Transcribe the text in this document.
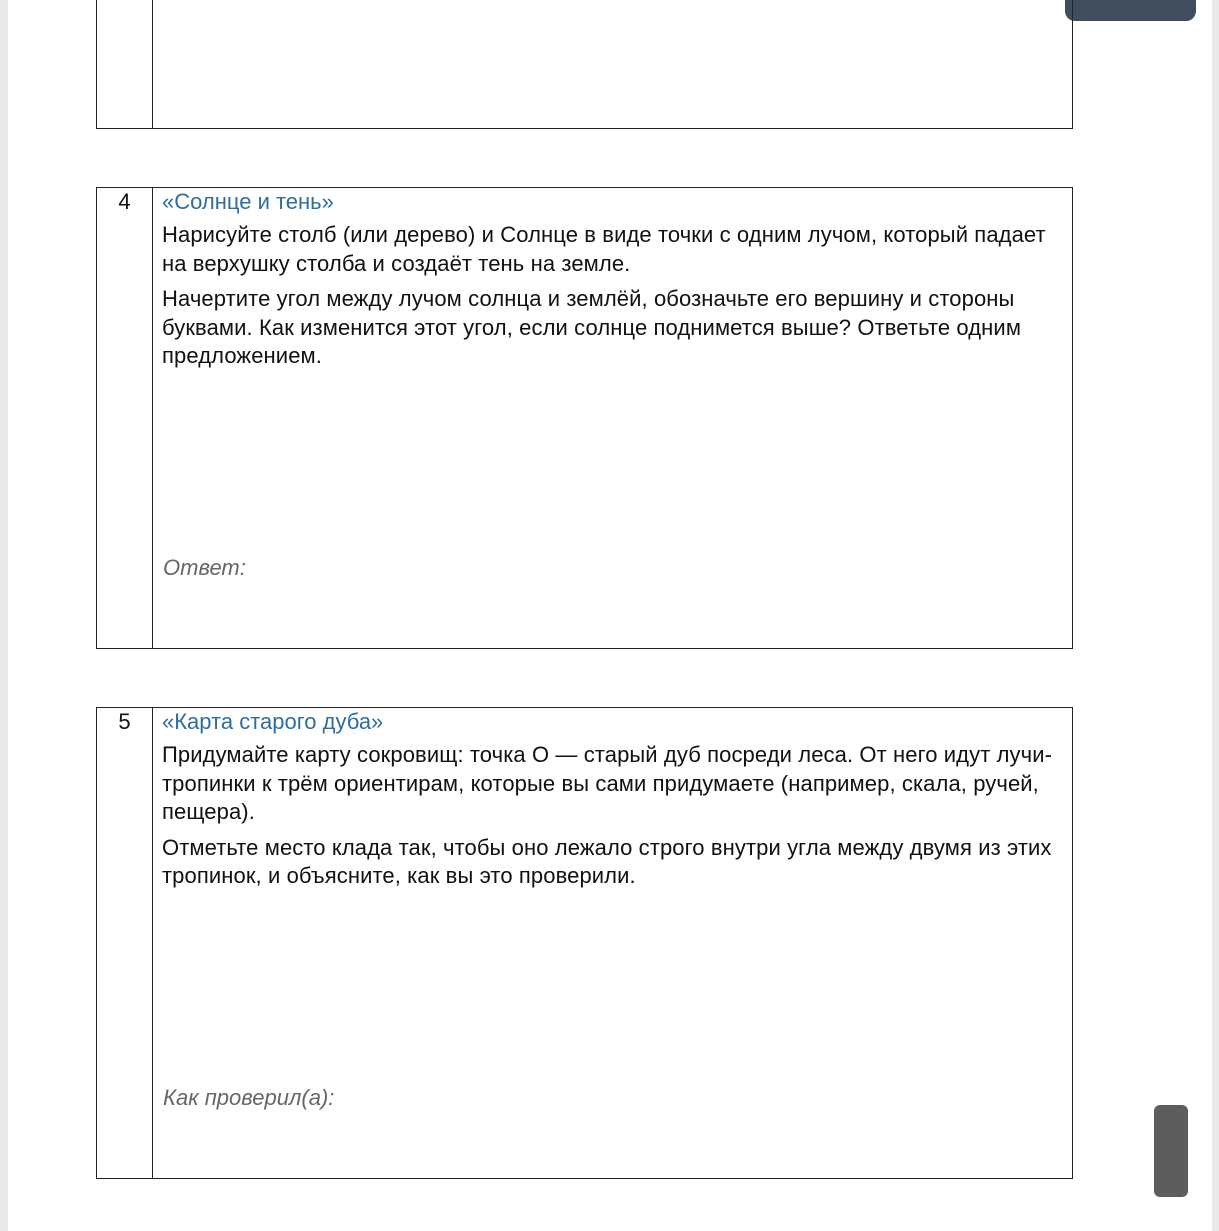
4	«Солнце и тень»

Нарисуйте столб (или дерево) и Солнце в виде точки с одним лучом, который падает на верхушку столба и создаёт тень на земле.

Начертите угол между лучом солнца и землёй, обозначьте его вершину и стороны буквами. Как изменится этот угол, если солнце поднимется выше? Ответьте одним предложением.

Ответ:
5	«Карта старого дуба»

Придумайте карту сокровищ: точка О — старый дуб посреди леса. От него идут лучи-тропинки к трём ориентирам, которые вы сами придумаете (например, скала, ручей, пещера).

Отметьте место клада так, чтобы оно лежало строго внутри угла между двумя из этих тропинок, и объясните, как вы это проверили.

Как проверил(а):
